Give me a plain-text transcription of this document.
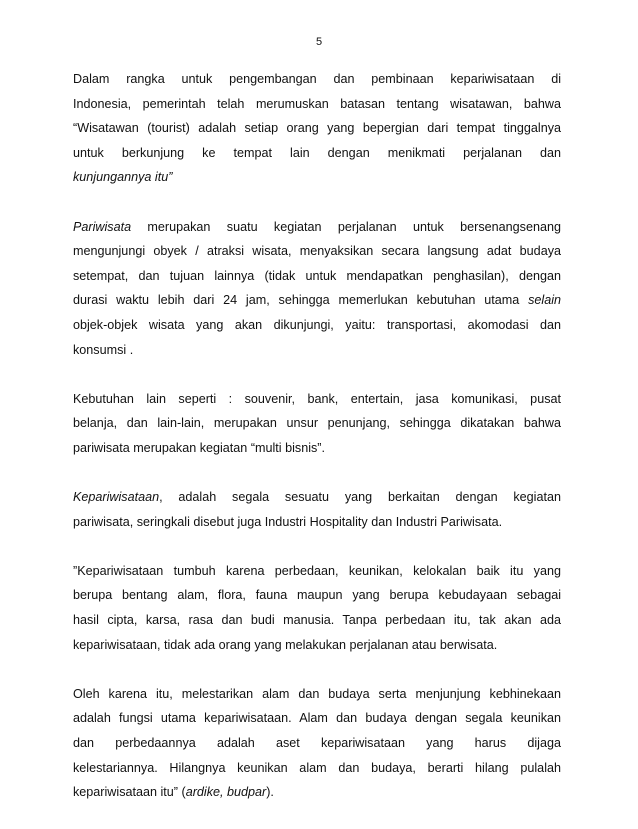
5
Dalam rangka untuk pengembangan dan pembinaan kepariwisataan di
Indonesia, pemerintah telah merumuskan batasan tentang wisatawan, bahwa
“Wisatawan (tourist) adalah setiap orang yang bepergian dari tempat tinggalnya
untuk berkunjung ke tempat lain dengan menikmati perjalanan dan
kunjungannya itu”
Pariwisata merupakan suatu kegiatan perjalanan untuk bersenangsenang
mengunjungi obyek / atraksi wisata, menyaksikan secara langsung adat budaya
setempat, dan tujuan lainnya (tidak untuk mendapatkan penghasilan), dengan
durasi waktu lebih dari 24 jam, sehingga memerlukan kebutuhan utama selain
objek-objek wisata yang akan dikunjungi, yaitu: transportasi, akomodasi dan
konsumsi .
Kebutuhan lain seperti : souvenir, bank, entertain, jasa komunikasi, pusat
belanja, dan lain-lain, merupakan unsur penunjang, sehingga dikatakan bahwa
pariwisata merupakan kegiatan “multi bisnis”.
Kepariwisataan, adalah segala sesuatu yang berkaitan dengan kegiatan
pariwisata, seringkali disebut juga Industri Hospitality dan Industri Pariwisata.
”Kepariwisataan tumbuh karena perbedaan, keunikan, kelokalan baik itu yang
berupa bentang alam, flora, fauna maupun yang berupa kebudayaan sebagai
hasil cipta, karsa, rasa dan budi manusia. Tanpa perbedaan itu, tak akan ada
kepariwisataan, tidak ada orang yang melakukan perjalanan atau berwisata.
Oleh karena itu, melestarikan alam dan budaya serta menjunjung kebhinekaan
adalah fungsi utama kepariwisataan. Alam dan budaya dengan segala keunikan
dan perbedaannya adalah aset kepariwisataan yang harus dijaga
kelestariannya. Hilangnya keunikan alam dan budaya, berarti hilang pulalah
kepariwisataan itu” (ardike, budpar).
